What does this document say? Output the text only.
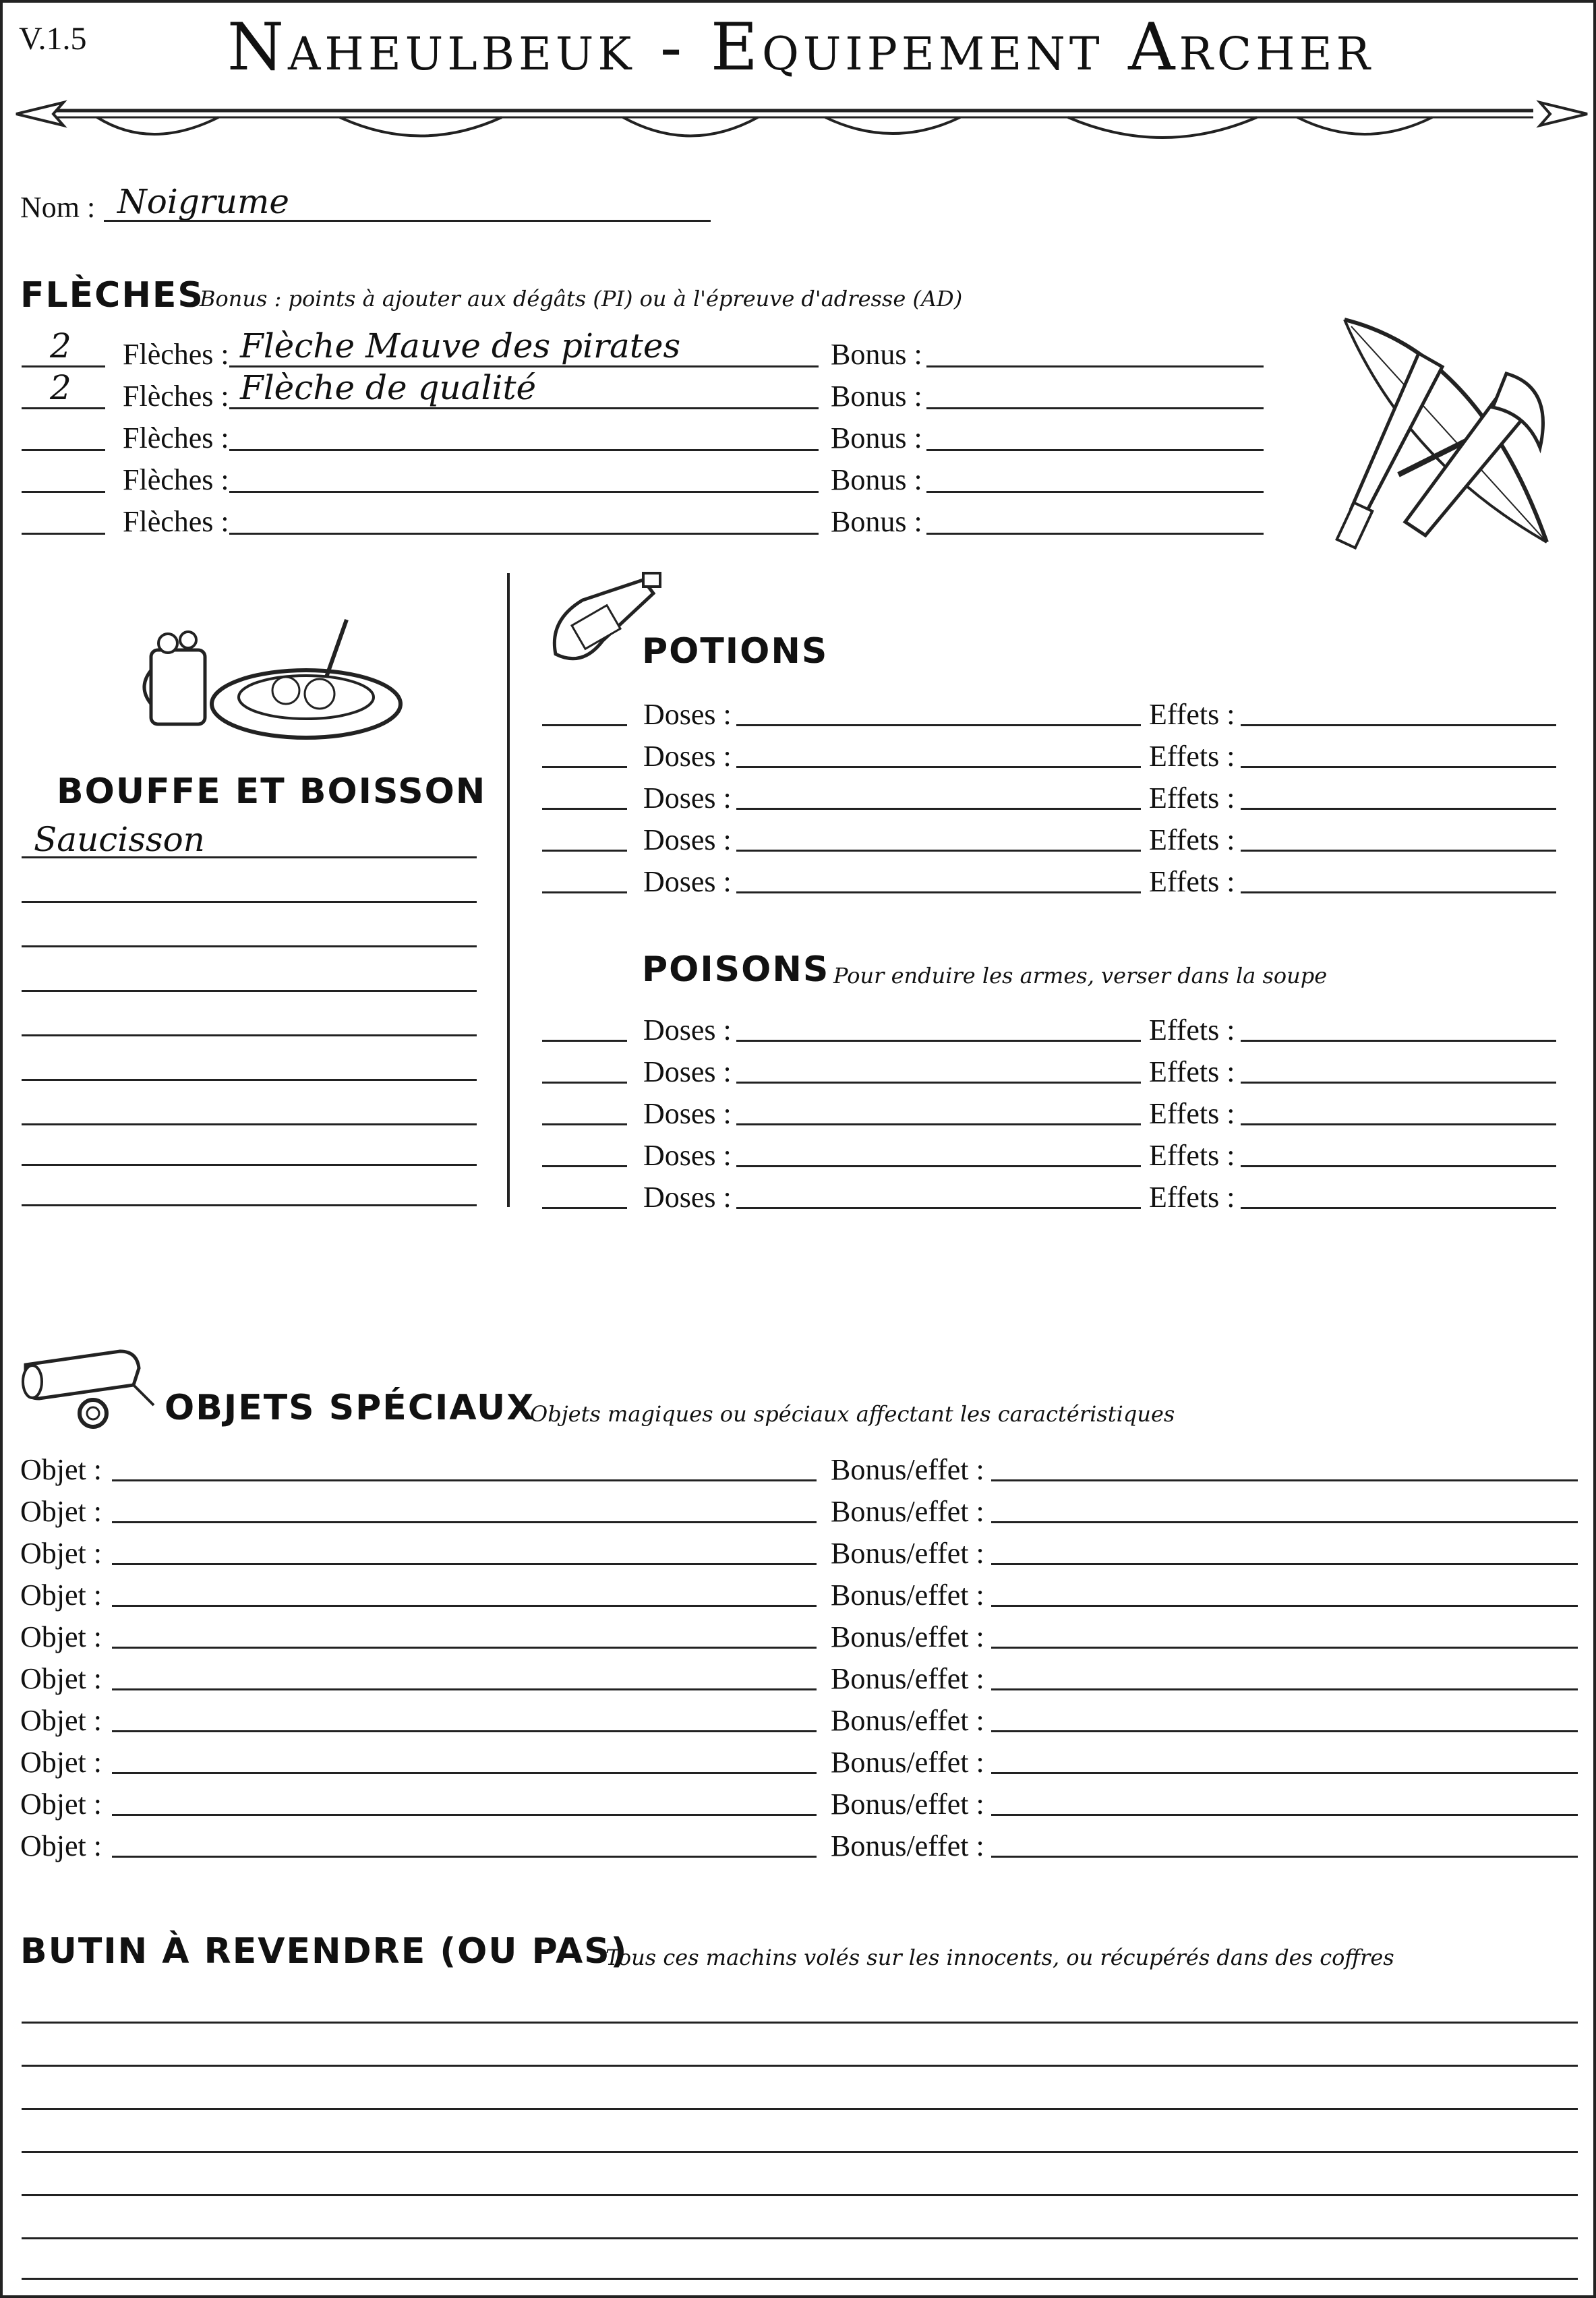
V.1.5	Naheulbeuk - Equipement Archer
Nom : Noigrume
FLÈCHES
Bonus : points à ajouter aux dégâts (PI) ou à l'épreuve d'adresse (AD)
2 Flèches : Flèche Mauve des pirates	Bonus :
2 Flèches : Flèche de qualité	Bonus :
Flèches :	Bonus :
Flèches :	Bonus :
Flèches :	Bonus :
BOUFFE ET BOISSON
Saucisson
POTIONS
Doses :	Effets :
Doses :	Effets :
Doses :	Effets :
Doses :	Effets :
Doses :	Effets :
POISONS Pour enduire les armes, verser dans la soupe
Doses :	Effets :
Doses :	Effets :
Doses :	Effets :
Doses :	Effets :
Doses :	Effets :
OBJETS SPÉCIAUX
Objets magiques ou spéciaux affectant les caractéristiques
Objet :	Bonus/effet :
Objet :	Bonus/effet :
Objet :	Bonus/effet :
Objet :	Bonus/effet :
Objet :	Bonus/effet :
Objet :	Bonus/effet :
Objet :	Bonus/effet :
Objet :	Bonus/effet :
Objet :	Bonus/effet :
Objet :	Bonus/effet :
BUTIN À REVENDRE (OU PAS)
Tous ces machins volés sur les innocents, ou récupérés dans des coffres
